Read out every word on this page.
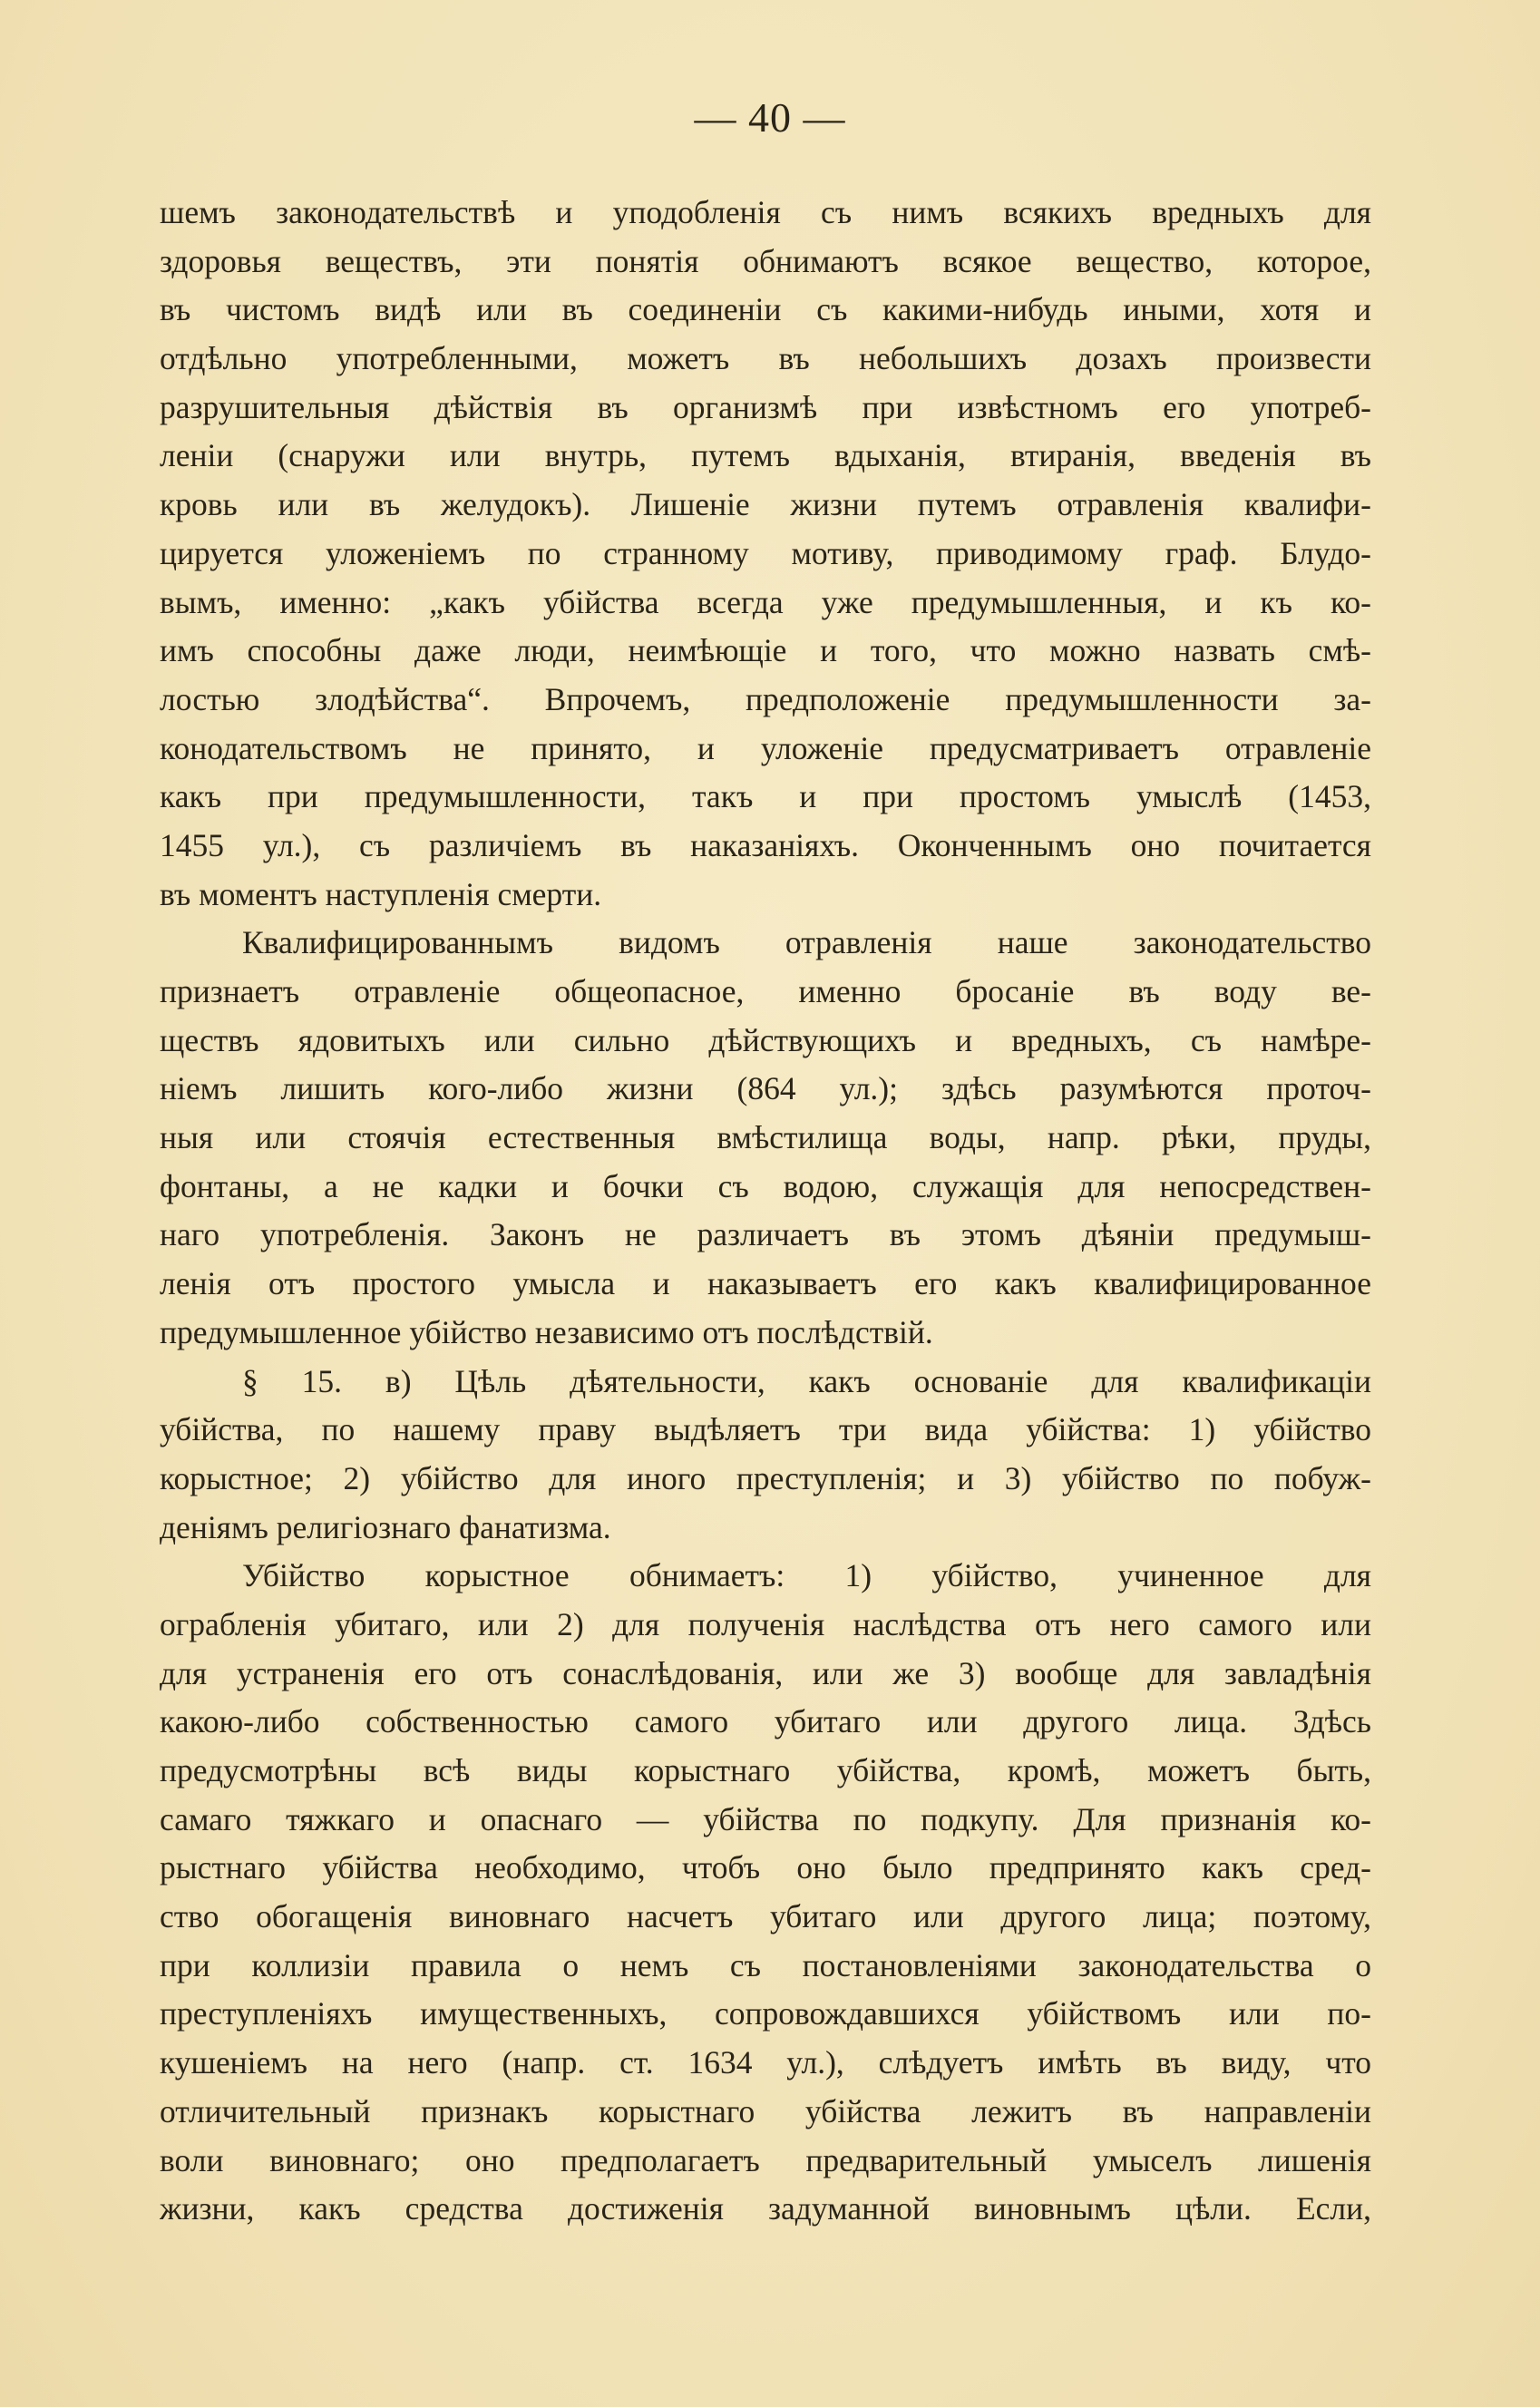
— 40 —
шемъ законодательствѣ и уподобленія съ нимъ всякихъ вредныхъ для
здоровья веществъ, эти понятія обнимаютъ всякое вещество, которое,
въ чистомъ видѣ или въ соединеніи съ какими-нибудь иными, хотя и
отдѣльно употребленными, можетъ въ небольшихъ дозахъ произвести
разрушительныя дѣйствія въ организмѣ при извѣстномъ его употреб-
леніи (снаружи или внутрь, путемъ вдыханія, втиранія, введенія въ
кровь или въ желудокъ). Лишеніе жизни путемъ отравленія квалифи-
цируется уложеніемъ по странному мотиву, приводимому граф. Блудо-
вымъ, именно: „какъ убійства всегда уже предумышленныя, и къ ко-
имъ способны даже люди, неимѣющіе и того, что можно назвать смѣ-
лостью злодѣйства“. Впрочемъ, предположеніе предумышленности за-
конодательствомъ не принято, и уложеніе предусматриваетъ отравленіе
какъ при предумышленности, такъ и при простомъ умыслѣ (1453,
1455 ул.), съ различіемъ въ наказаніяхъ. Оконченнымъ оно почитается
въ моментъ наступленія смерти.
Квалифицированнымъ видомъ отравленія наше законодательство
признаетъ отравленіе общеопасное, именно бросаніе въ воду ве-
ществъ ядовитыхъ или сильно дѣйствующихъ и вредныхъ, съ намѣре-
ніемъ лишить кого-либо жизни (864 ул.); здѣсь разумѣются проточ-
ныя или стоячія естественныя вмѣстилища воды, напр. рѣки, пруды,
фонтаны, а не кадки и бочки съ водою, служащія для непосредствен-
наго употребленія. Законъ не различаетъ въ этомъ дѣяніи предумыш-
ленія отъ простого умысла и наказываетъ его какъ квалифицированное
предумышленное убійство независимо отъ послѣдствій.
§ 15. в) Цѣль дѣятельности, какъ основаніе для квалификаціи
убійства, по нашему праву выдѣляетъ три вида убійства: 1) убійство
корыстное; 2) убійство для иного преступленія; и 3) убійство по побуж-
деніямъ религіознаго фанатизма.
Убійство корыстное обнимаетъ: 1) убійство, учиненное для
ограбленія убитаго, или 2) для полученія наслѣдства отъ него самого или
для устраненія его отъ сонаслѣдованія, или же 3) вообще для завладѣнія
какою-либо собственностью самого убитаго или другого лица. Здѣсь
предусмотрѣны всѣ виды корыстнаго убійства, кромѣ, можетъ быть,
самаго тяжкаго и опаснаго — убійства по подкупу. Для признанія ко-
рыстнаго убійства необходимо, чтобъ оно было предпринято какъ сред-
ство обогащенія виновнаго насчетъ убитаго или другого лица; поэтому,
при коллизіи правила о немъ съ постановленіями законодательства о
преступленіяхъ имущественныхъ, сопровождавшихся убійствомъ или по-
кушеніемъ на него (напр. ст. 1634 ул.), слѣдуетъ имѣть въ виду, что
отличительный признакъ корыстнаго убійства лежитъ въ направленіи
воли виновнаго; оно предполагаетъ предварительный умыселъ лишенія
жизни, какъ средства достиженія задуманной виновнымъ цѣли. Если,
